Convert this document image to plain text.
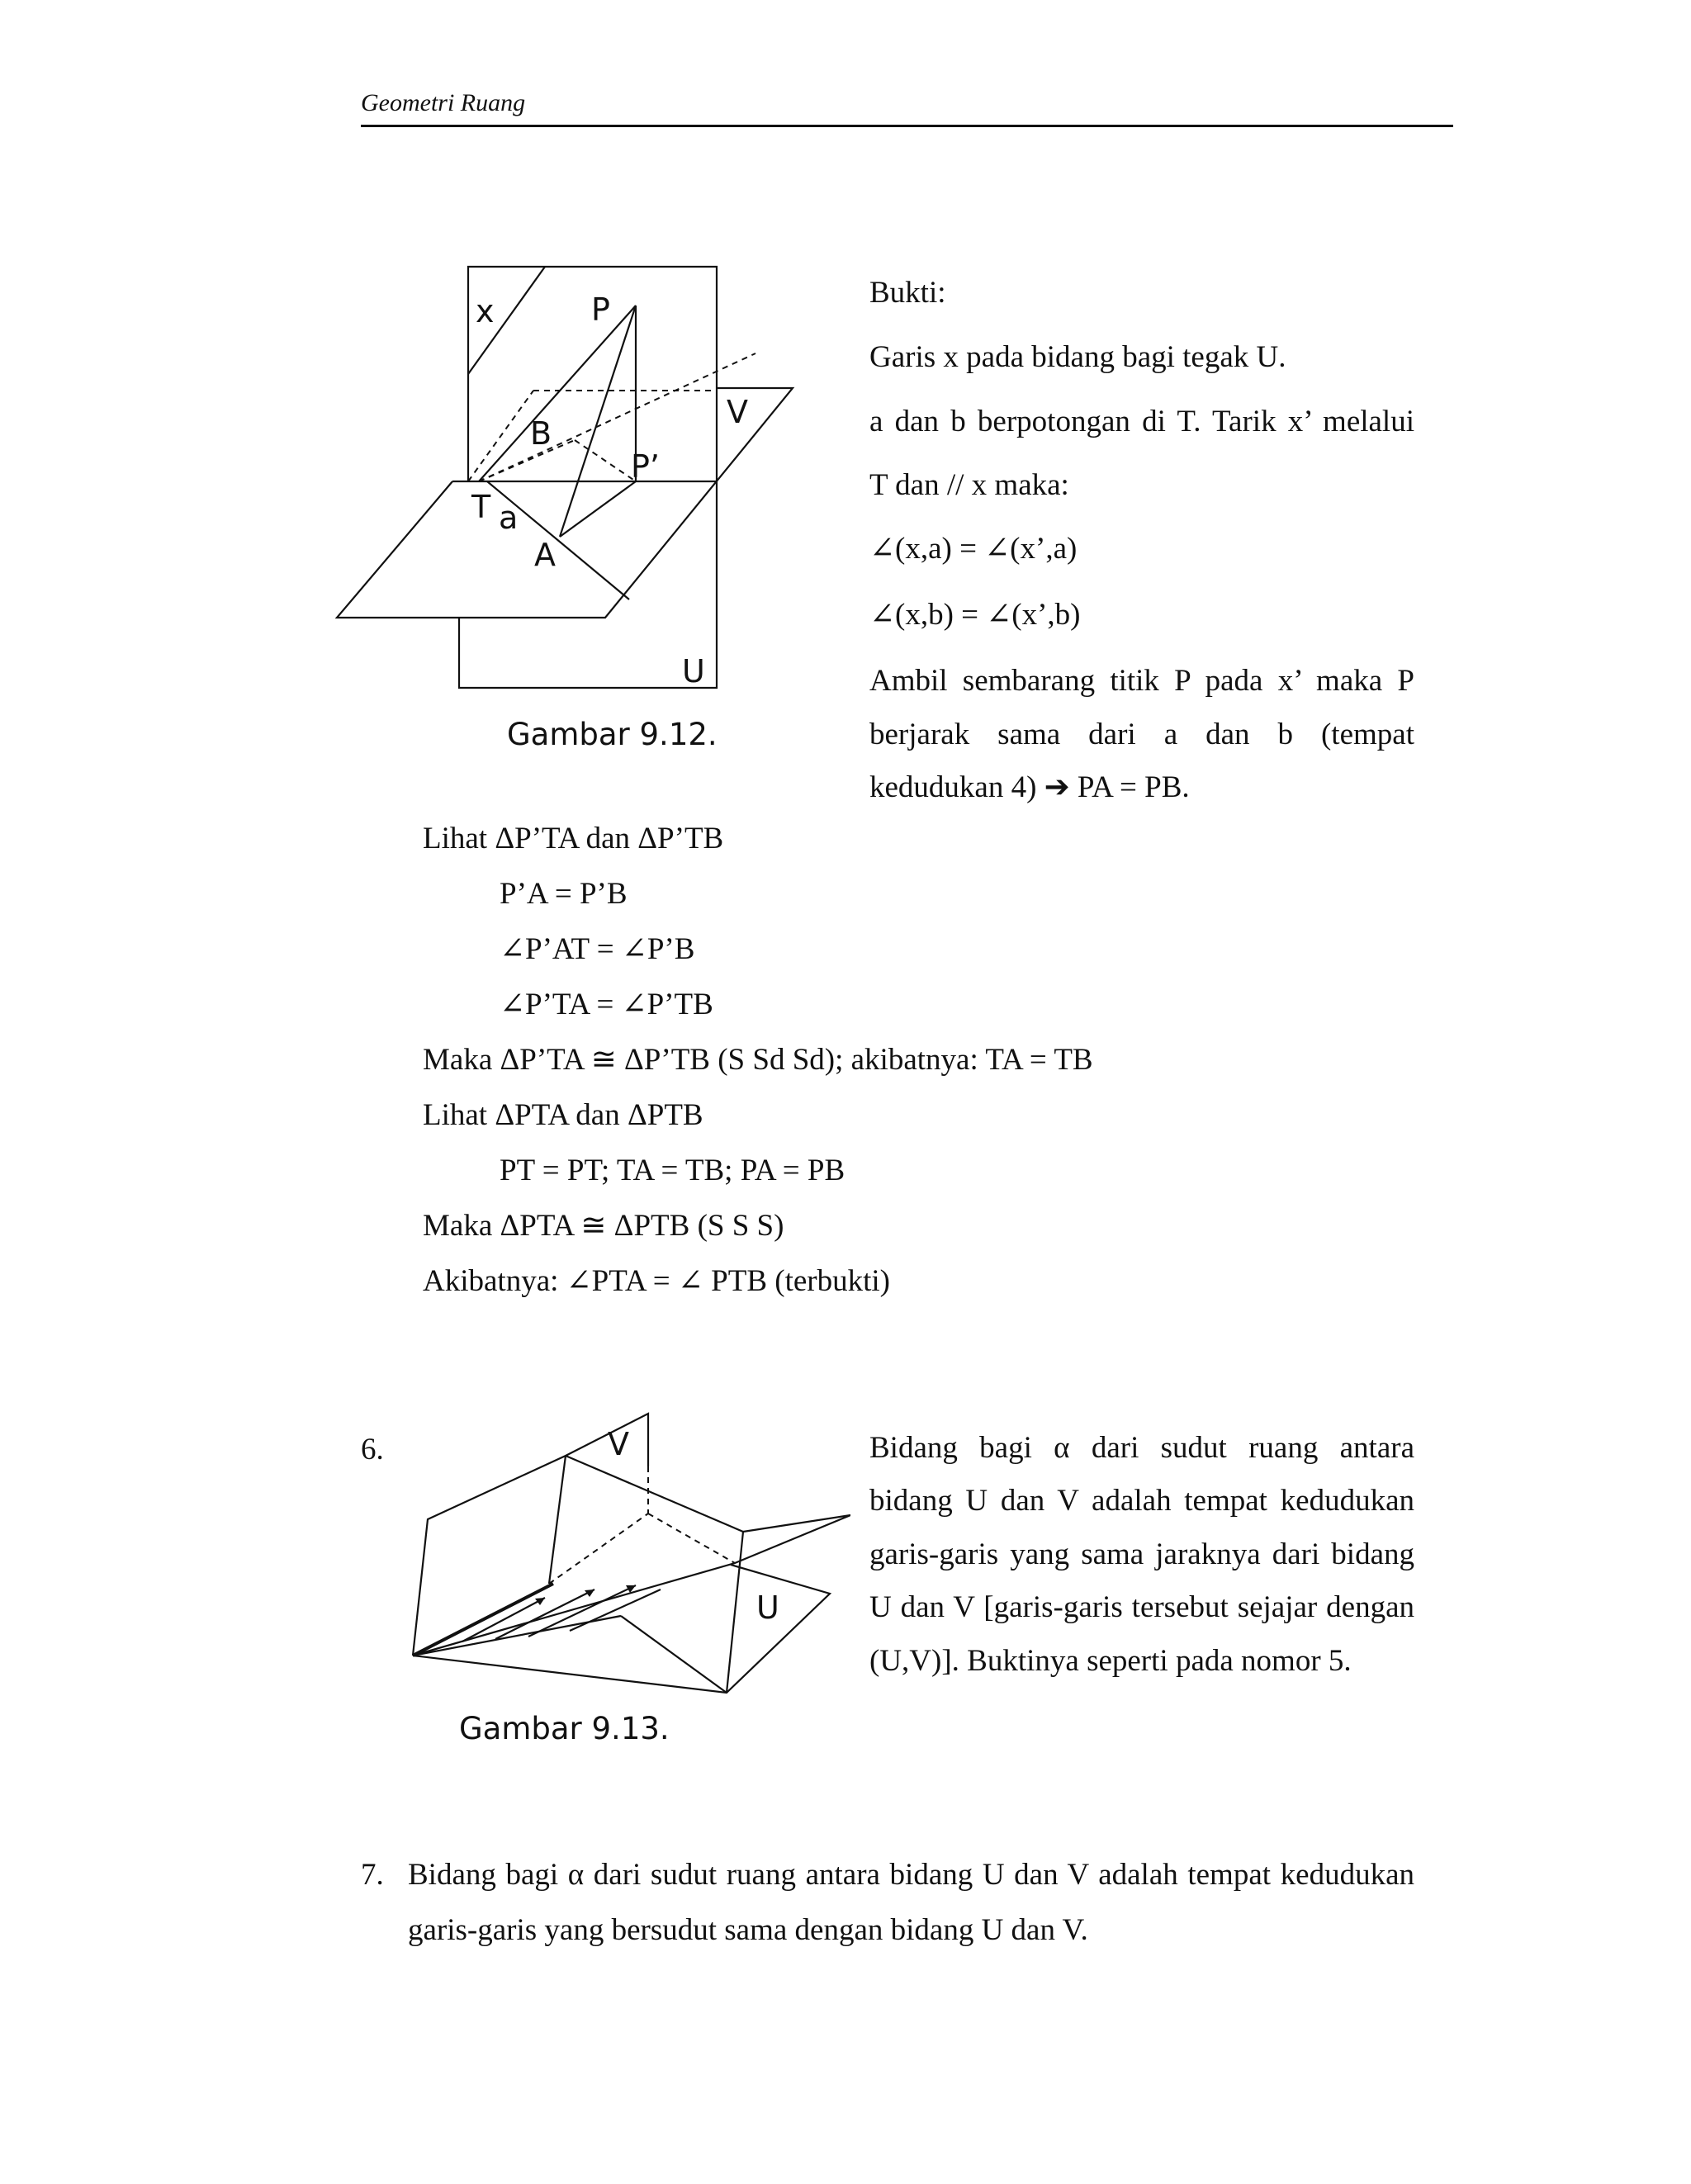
Geometri Ruang
x	P
V
B
P’
T a
A
U
Gambar 9.12.
Bukti:
Garis x pada bidang bagi tegak U.
a dan b berpotongan di T. Tarik x’ melalui
T dan // x maka:
∠(x,a) = ∠(x’,a)
∠(x,b) = ∠(x’,b)
Ambil sembarang titik P pada x’ maka P
berjarak sama dari a dan b (tempat
kedudukan 4) ➔ PA = PB.
Lihat ΔP’TA dan ΔP’TB
P’A = P’B
∠P’AT = ∠P’B
∠P’TA = ∠P’TB
Maka ΔP’TA ≅ ΔP’TB (S Sd Sd); akibatnya: TA = TB
Lihat ΔPTA dan ΔPTB
PT = PT; TA = TB; PA = PB
Maka ΔPTA ≅ ΔPTB (S S S)
Akibatnya: ∠PTA = ∠ PTB (terbukti)
6.	V
U
Gambar 9.13.
Bidang bagi α dari sudut ruang antara
bidang U dan V adalah tempat kedudukan
garis-garis yang sama jaraknya dari bidang
U dan V [garis-garis tersebut sejajar dengan
(U,V)]. Buktinya seperti pada nomor 5.
7. Bidang bagi α dari sudut ruang antara bidang U dan V adalah tempat kedudukan
garis-garis yang bersudut sama dengan bidang U dan V.
